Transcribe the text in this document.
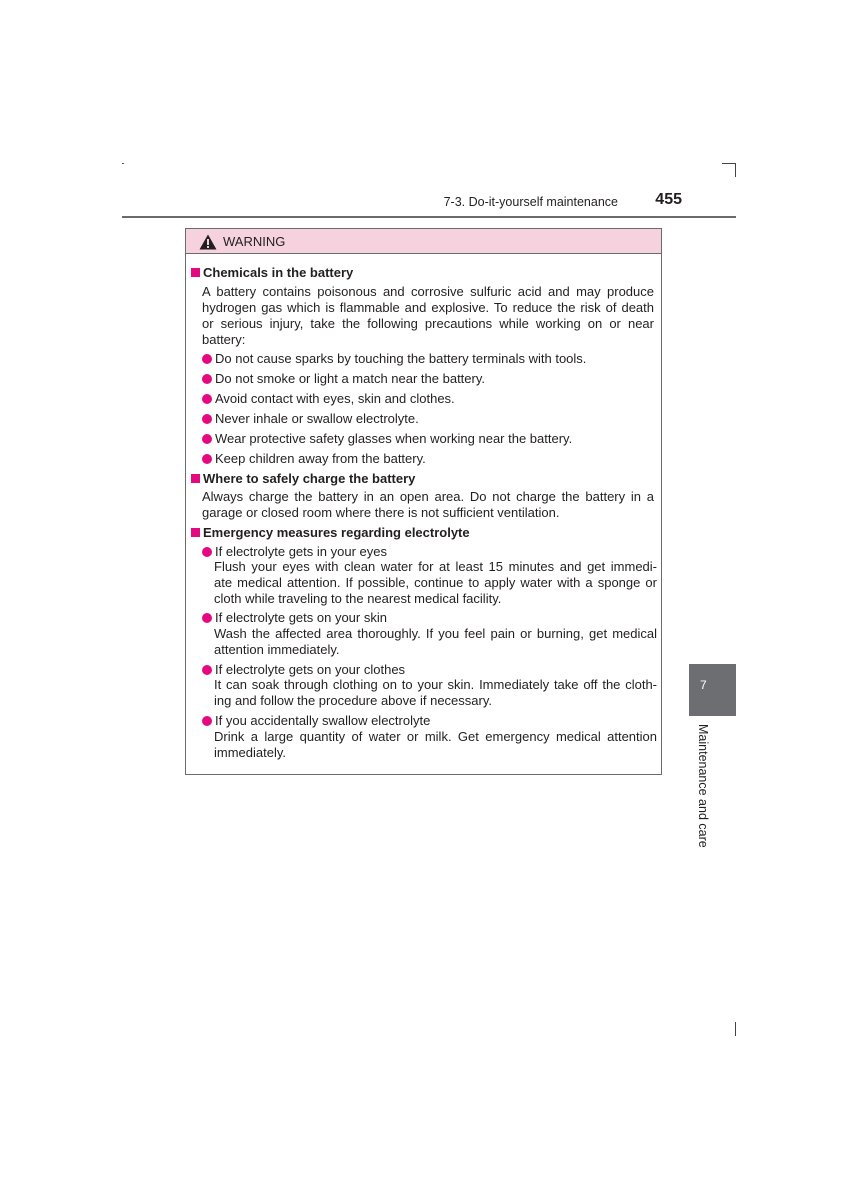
7-3. Do-it-yourself maintenance 455
7
Maintenance and care
WARNING
Chemicals in the battery
A battery contains poisonous and corrosive sulfuric acid and may produce
hydrogen gas which is flammable and explosive. To reduce the risk of death
or serious injury, take the following precautions while working on or near
battery:
Do not cause sparks by touching the battery terminals with tools.
Do not smoke or light a match near the battery.
Avoid contact with eyes, skin and clothes.
Never inhale or swallow electrolyte.
Wear protective safety glasses when working near the battery.
Keep children away from the battery.
Where to safely charge the battery
Always charge the battery in an open area. Do not charge the battery in a
garage or closed room where there is not sufficient ventilation.
Emergency measures regarding electrolyte
If electrolyte gets in your eyes
Flush your eyes with clean water for at least 15 minutes and get immedi-
ate medical attention. If possible, continue to apply water with a sponge or
cloth while traveling to the nearest medical facility.
If electrolyte gets on your skin
Wash the affected area thoroughly. If you feel pain or burning, get medical
attention immediately.
If electrolyte gets on your clothes
It can soak through clothing on to your skin. Immediately take off the cloth-
ing and follow the procedure above if necessary.
If you accidentally swallow electrolyte
Drink a large quantity of water or milk. Get emergency medical attention
immediately.
